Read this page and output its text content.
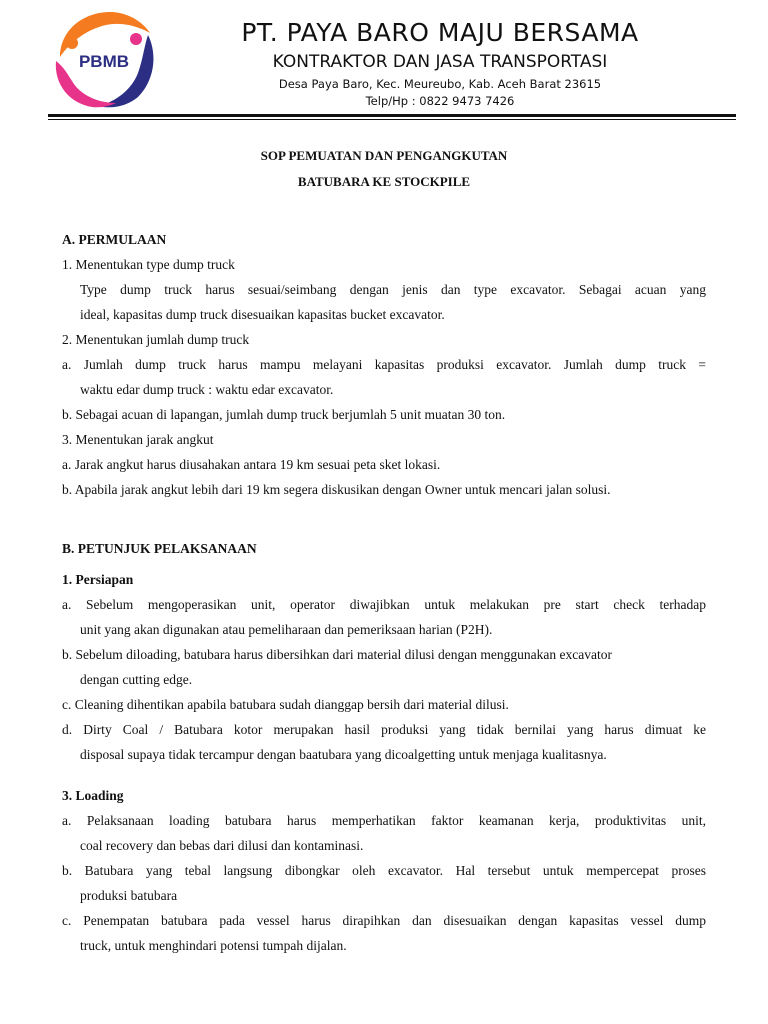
PBMB
PT. PAYA BARO MAJU BERSAMA
KONTRAKTOR DAN JASA TRANSPORTASI
Desa Paya Baro, Kec. Meureubo, Kab. Aceh Barat 23615
Telp/Hp : 0822 9473 7426
SOP PEMUATAN DAN PENGANGKUTAN
BATUBARA KE STOCKPILE
A. PERMULAAN
1. Menentukan type dump truck
Type dump truck harus sesuai/seimbang dengan jenis dan type excavator. Sebagai acuan yang
ideal, kapasitas dump truck disesuaikan kapasitas bucket excavator.
2. Menentukan jumlah dump truck
a. Jumlah dump truck harus mampu melayani kapasitas produksi excavator. Jumlah dump truck =
waktu edar dump truck : waktu edar excavator.
b. Sebagai acuan di lapangan, jumlah dump truck berjumlah 5 unit muatan 30 ton.
3. Menentukan jarak angkut
a. Jarak angkut harus diusahakan antara 19 km sesuai peta sket lokasi.
b. Apabila jarak angkut lebih dari 19 km segera diskusikan dengan Owner untuk mencari jalan solusi.
B. PETUNJUK PELAKSANAAN
1. Persiapan
a. Sebelum mengoperasikan unit, operator diwajibkan untuk melakukan pre start check terhadap
unit yang akan digunakan atau pemeliharaan dan pemeriksaan harian (P2H).
b. Sebelum diloading, batubara harus dibersihkan dari material dilusi dengan menggunakan excavator
dengan cutting edge.
c. Cleaning dihentikan apabila batubara sudah dianggap bersih dari material dilusi.
d. Dirty Coal / Batubara kotor merupakan hasil produksi yang tidak bernilai yang harus dimuat ke
disposal supaya tidak tercampur dengan baatubara yang dicoalgetting untuk menjaga kualitasnya.
3. Loading
a. Pelaksanaan loading batubara harus memperhatikan faktor keamanan kerja, produktivitas unit,
coal recovery dan bebas dari dilusi dan kontaminasi.
b. Batubara yang tebal langsung dibongkar oleh excavator. Hal tersebut untuk mempercepat proses
produksi batubara
c. Penempatan batubara pada vessel harus dirapihkan dan disesuaikan dengan kapasitas vessel dump
truck, untuk menghindari potensi tumpah dijalan.
